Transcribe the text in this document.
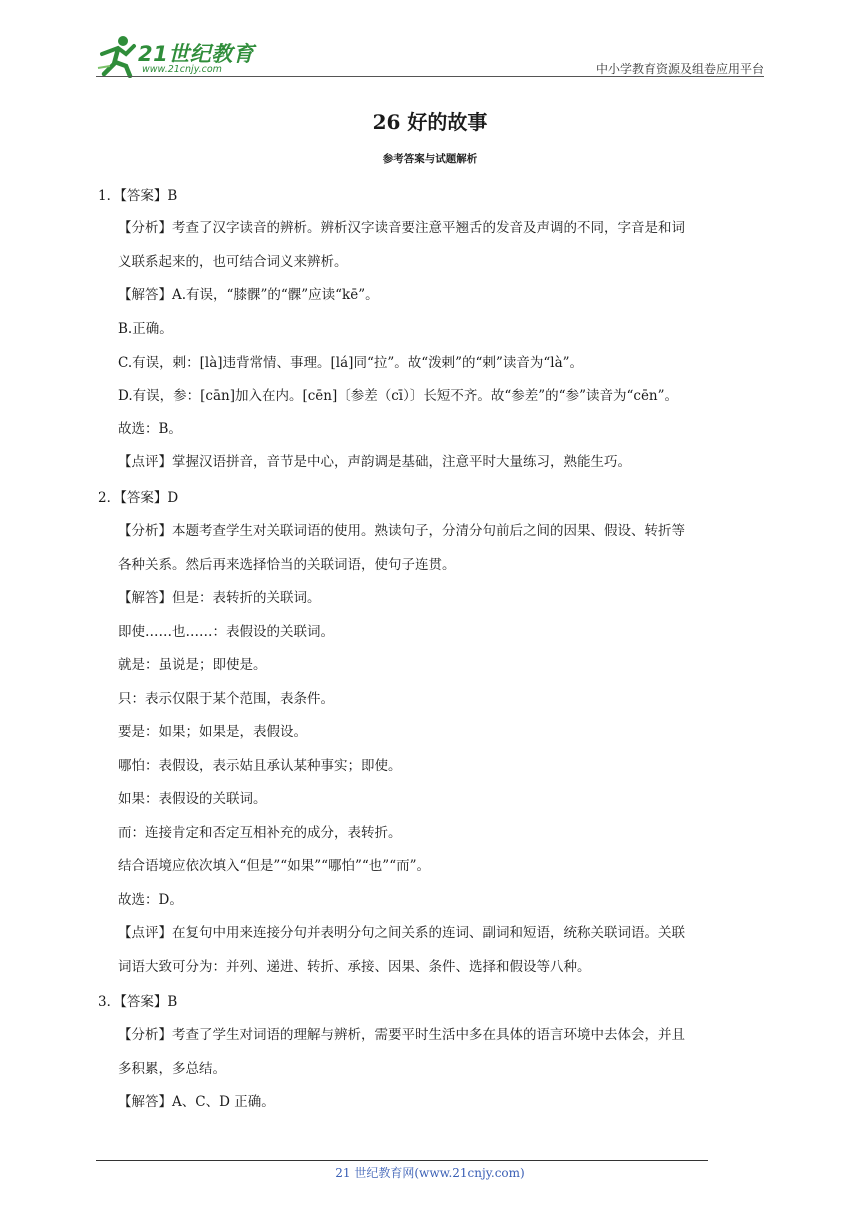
21世纪教育
www.21cnjy.com	中小学教育资源及组卷应用平台
26 好的故事
参考答案与试题解析
1．【答案】B
【分析】考查了汉字读音的辨析。辨析汉字读音要注意平翘舌的发音及声调的不同，字音是和词
义联系起来的，也可结合词义来辨析。
【解答】A.有误，“膝髁”的“髁”应读“kē”。
B.正确。
C.有误，剌：[là]违背常情、事理。[lá]同“拉”。故“泼剌”的“剌”读音为“là”。
D.有误，参：[cān]加入在内。[cēn]〔参差（cī）〕长短不齐。故“参差”的“参”读音为“cēn”。
故选：B。
【点评】掌握汉语拼音，音节是中心，声韵调是基础，注意平时大量练习，熟能生巧。
2．【答案】D
【分析】本题考查学生对关联词语的使用。熟读句子，分清分句前后之间的因果、假设、转折等
各种关系。然后再来选择恰当的关联词语，使句子连贯。
【解答】但是：表转折的关联词。
即使……也……：表假设的关联词。
就是：虽说是；即使是。
只：表示仅限于某个范围，表条件。
要是：如果；如果是，表假设。
哪怕：表假设，表示姑且承认某种事实；即使。
如果：表假设的关联词。
而：连接肯定和否定互相补充的成分，表转折。
结合语境应依次填入“但是”“如果”“哪怕”“也”“而”。
故选：D。
【点评】在复句中用来连接分句并表明分句之间关系的连词、副词和短语，统称关联词语。关联
词语大致可分为：并列、递进、转折、承接、因果、条件、选择和假设等八种。
3．【答案】B
【分析】考查了学生对词语的理解与辨析，需要平时生活中多在具体的语言环境中去体会，并且
多积累，多总结。
【解答】A、C、D 正确。
21 世纪教育网(www.21cnjy.com)
